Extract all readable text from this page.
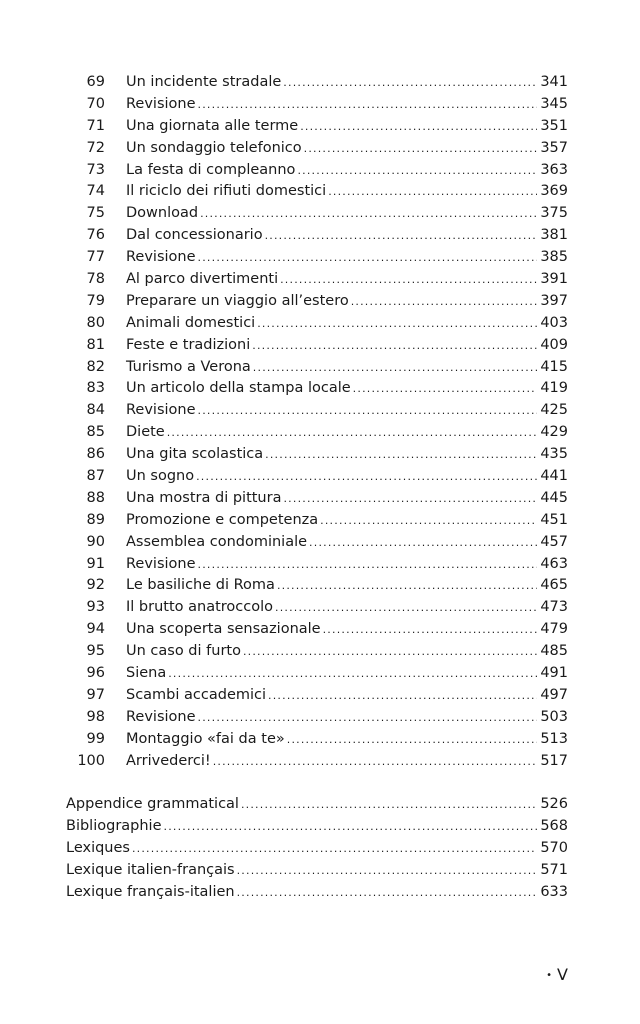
69 Un incidente stradale .....	341
70 Revisione .....	345
71 Una giornata alle terme .....	351
72 Un sondaggio telefonico .....	357
73 La festa di compleanno .....	363
74 Il riciclo dei rifiuti domestici .....	369
75 Download .....	375
76 Dal concessionario .....	381
77 Revisione .....	385
78 Al parco divertimenti .....	391
79 Preparare un viaggio all’estero .....	397
80 Animali domestici .....	403
81 Feste e tradizioni .....	409
82 Turismo a Verona .....	415
83 Un articolo della stampa locale .....	419
84 Revisione .....	425
85 Diete .....	429
86 Una gita scolastica .....	435
87 Un sogno .....	441
88 Una mostra di pittura .....	445
89 Promozione e competenza .....	451
90 Assemblea condominiale .....	457
91 Revisione .....	463
92 Le basiliche di Roma .....	465
93 Il brutto anatroccolo .....	473
94 Una scoperta sensazionale .....	479
95 Un caso di furto .....	485
96 Siena .....	491
97 Scambi accademici .....	497
98 Revisione .....	503
99 Montaggio «fai da te» .....	513
100 Arrivederci! .....	517
Appendice grammatical .....	526
Bibliographie .....	568
Lexiques .....	570
Lexique italien-français .....	571
Lexique français-italien .....	633
• V
